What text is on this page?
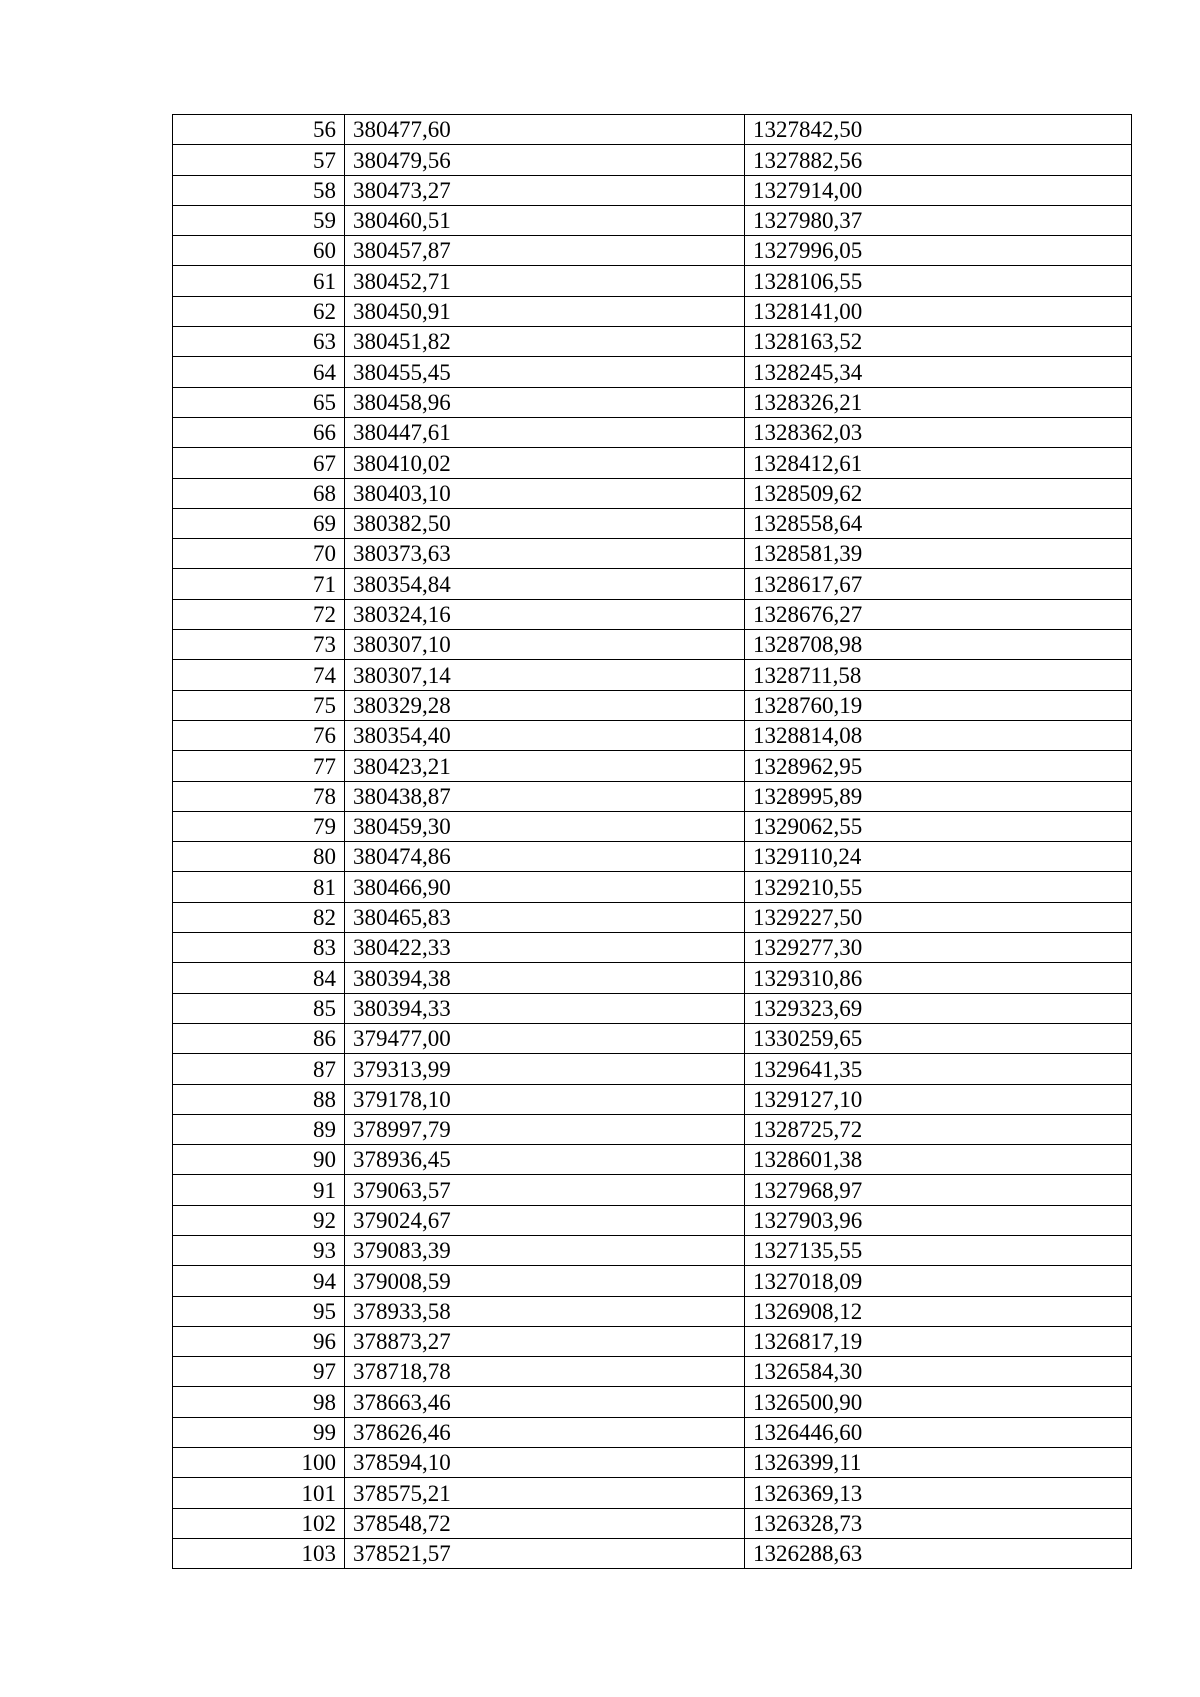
56	380477,60	1327842,50
57	380479,56	1327882,56
58	380473,27	1327914,00
59	380460,51	1327980,37
60	380457,87	1327996,05
61	380452,71	1328106,55
62	380450,91	1328141,00
63	380451,82	1328163,52
64	380455,45	1328245,34
65	380458,96	1328326,21
66	380447,61	1328362,03
67	380410,02	1328412,61
68	380403,10	1328509,62
69	380382,50	1328558,64
70	380373,63	1328581,39
71	380354,84	1328617,67
72	380324,16	1328676,27
73	380307,10	1328708,98
74	380307,14	1328711,58
75	380329,28	1328760,19
76	380354,40	1328814,08
77	380423,21	1328962,95
78	380438,87	1328995,89
79	380459,30	1329062,55
80	380474,86	1329110,24
81	380466,90	1329210,55
82	380465,83	1329227,50
83	380422,33	1329277,30
84	380394,38	1329310,86
85	380394,33	1329323,69
86	379477,00	1330259,65
87	379313,99	1329641,35
88	379178,10	1329127,10
89	378997,79	1328725,72
90	378936,45	1328601,38
91	379063,57	1327968,97
92	379024,67	1327903,96
93	379083,39	1327135,55
94	379008,59	1327018,09
95	378933,58	1326908,12
96	378873,27	1326817,19
97	378718,78	1326584,30
98	378663,46	1326500,90
99	378626,46	1326446,60
100	378594,10	1326399,11
101	378575,21	1326369,13
102	378548,72	1326328,73
103	378521,57	1326288,63
